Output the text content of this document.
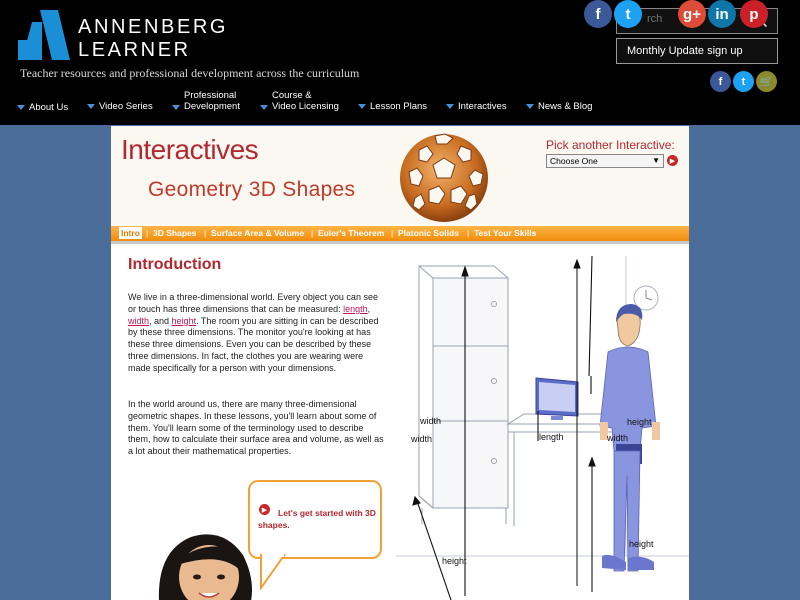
ANNENBERG
LEARNER
Teacher resources and professional development across the curriculum
rch
f t	g+ in p
Monthly Update sign up
f t 🛒
About Us	Video Series
Professional
Development
Course &
Video Licensing	Lesson Plans	Interactives	News & Blog
Interactives
Geometry 3D Shapes
Pick another Interactive:
Choose One	▼	▶
Intro | 3D Shapes | Surface Area & Volume | Euler's Theorem | Platonic Solids | Test Your Skills
Introduction
We live in a three-dimensional world. Every object you can see or touch has three dimensions that can be measured: length, width, and height. The room you are sitting in can be described by these three dimensions. The monitor you're looking at has these three dimensions. Even you can be described by these three dimensions. In fact, the clothes you are wearing were made specifically for a person with your dimensions.
In the world around us, there are many three-dimensional geometric shapes. In these lessons, you'll learn about some of them. You'll learn some of the terminology used to describe them, how to calculate their surface area and volume, as well as a lot about their mathematical properties.
▶	Let's get started with 3D shapes.
height
height
height
width
width
length
width
